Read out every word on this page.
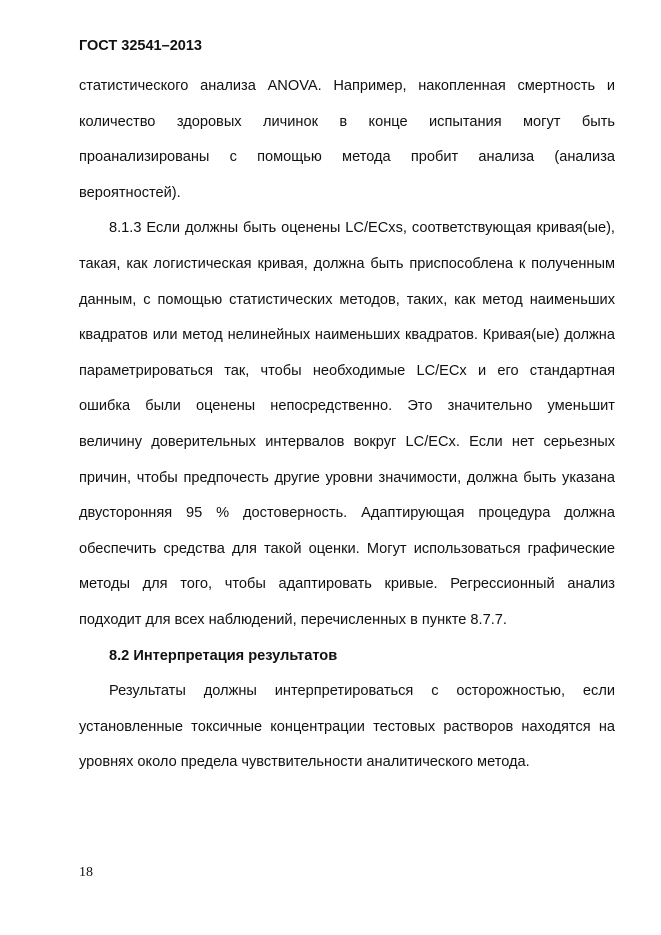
ГОСТ 32541–2013

статистического анализа ANOVA. Например, накопленная смертность и количество здоровых личинок в конце испытания могут быть проанализированы с помощью метода пробит анализа (анализа вероятностей).

8.1.3 Если должны быть оценены LC/ECxs, соответствующая кривая(ые), такая, как логистическая кривая, должна быть приспособлена к полученным данным, с помощью статистических методов, таких, как метод наименьших квадратов или метод нелинейных наименьших квадратов. Кривая(ые) должна параметрироваться так, чтобы необходимые LC/ECx и его стандартная ошибка были оценены непосредственно. Это значительно уменьшит величину доверительных интервалов вокруг LC/ECx. Если нет серьезных причин, чтобы предпочесть другие уровни значимости, должна быть указана двусторонняя 95 % достоверность. Адаптирующая процедура должна обеспечить средства для такой оценки. Могут использоваться графические методы для того, чтобы адаптировать кривые. Регрессионный анализ подходит для всех наблюдений, перечисленных в пункте 8.7.7.

8.2 Интерпретация результатов

Результаты должны интерпретироваться с осторожностью, если установленные токсичные концентрации тестовых растворов находятся на уровнях около предела чувствительности аналитического метода.

18
